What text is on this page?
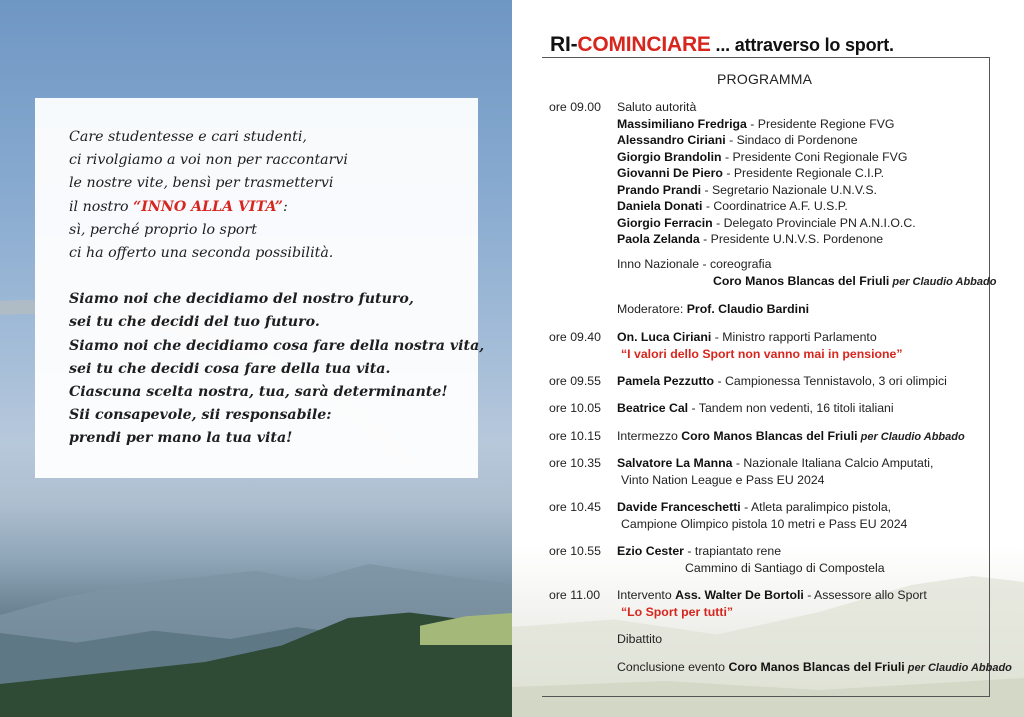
Care studentesse e cari studenti,
ci rivolgiamo a voi non per raccontarvi
le nostre vite, bensì per trasmettervi
il nostro “INNO ALLA VITA”:
sì, perché proprio lo sport
ci ha offerto una seconda possibilità.
Siamo noi che decidiamo del nostro futuro,
sei tu che decidi del tuo futuro.
Siamo noi che decidiamo cosa fare della nostra vita,
sei tu che decidi cosa fare della tua vita.
Ciascuna scelta nostra, tua, sarà determinante!
Sii consapevole, sii responsabile:
prendi per mano la tua vita!
RI-COMINCIARE ... attraverso lo sport.
PROGRAMMA
ore 09.00	Saluto autorità
Massimiliano Fredriga - Presidente Regione FVG
Alessandro Ciriani - Sindaco di Pordenone
Giorgio Brandolin - Presidente Coni Regionale FVG
Giovanni De Piero - Presidente Regionale C.I.P.
Prando Prandi - Segretario Nazionale U.N.V.S.
Daniela Donati - Coordinatrice A.F. U.S.P.
Giorgio Ferracin - Delegato Provinciale PN A.N.I.O.C.
Paola Zelanda - Presidente U.N.V.S. Pordenone
Inno Nazionale - coreografia
Coro Manos Blancas del Friuli per Claudio Abbado
Moderatore: Prof. Claudio Bardini
ore 09.40	On. Luca Ciriani - Ministro rapporti Parlamento
“I valori dello Sport non vanno mai in pensione”
ore 09.55	Pamela Pezzutto - Campionessa Tennistavolo, 3 ori olimpici
ore 10.05	Beatrice Cal - Tandem non vedenti, 16 titoli italiani
ore 10.15	Intermezzo Coro Manos Blancas del Friuli per Claudio Abbado
ore 10.35	Salvatore La Manna - Nazionale Italiana Calcio Amputati,
Vinto Nation League e Pass EU 2024
ore 10.45	Davide Franceschetti - Atleta paralimpico pistola,
Campione Olimpico pistola 10 metri e Pass EU 2024
ore 10.55	Ezio Cester - trapiantato rene
Cammino di Santiago di Compostela
ore 11.00	Intervento Ass. Walter De Bortoli - Assessore allo Sport
“Lo Sport per tutti”
Dibattito
Conclusione evento Coro Manos Blancas del Friuli per Claudio Abbado
